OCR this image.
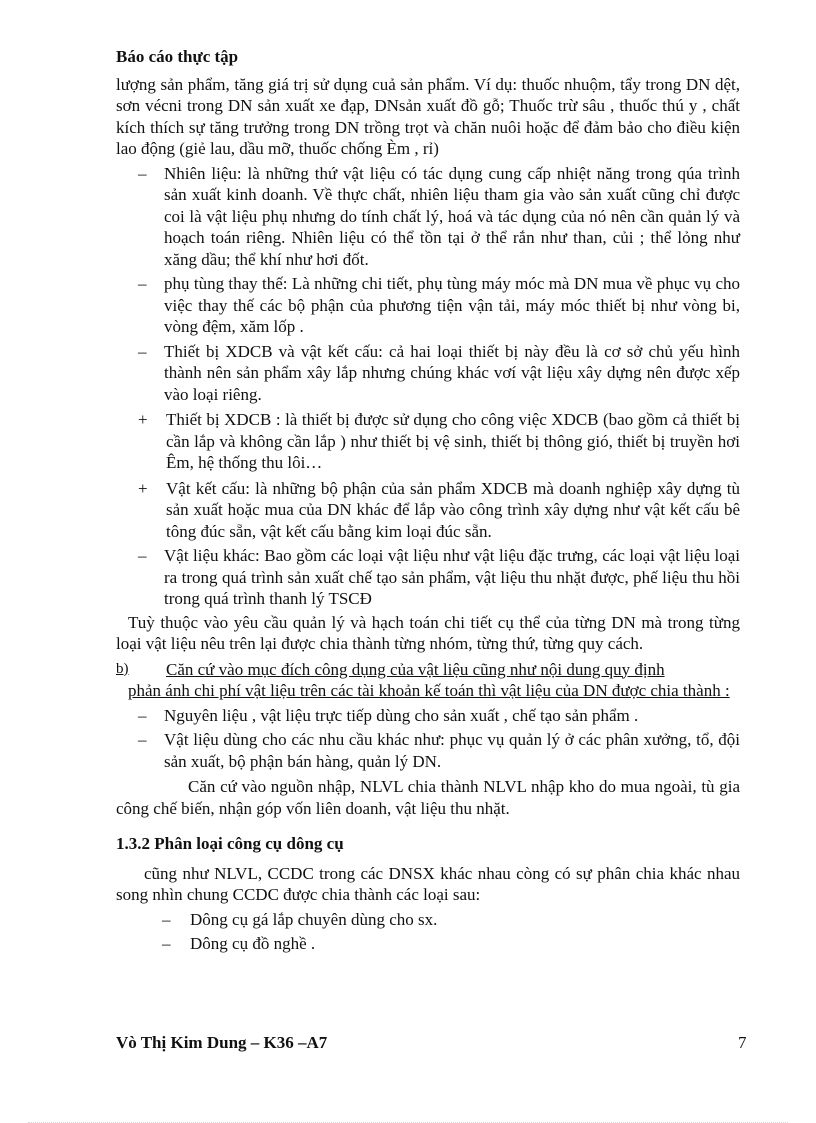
Báo cáo thực tập

lượng sản phẩm, tăng giá trị sử dụng cuả sản phẩm. Ví dụ: thuốc nhuộm, tẩy trong DN dệt, sơn vécni trong DN sản xuất xe đạp, DNsản xuất đồ gỗ; Thuốc trừ sâu , thuốc thú y , chất kích thích sự tăng trưởng trong DN trồng trọt và chăn nuôi hoặc để đảm bảo cho điều kiện lao động (giẻ lau, dầu mỡ, thuốc chống Èm , rỉ)

–	Nhiên liệu: là những thứ vật liệu có tác dụng cung cấp nhiệt năng trong qúa trình sản xuất kinh doanh. Về thực chất, nhiên liệu tham gia vào sản xuất cũng chỉ được coi là vật liệu phụ nhưng do tính chất lý, hoá và tác dụng của nó nên cần quản lý và hoạch toán riêng. Nhiên liệu có thể tồn tại ở thể rắn như than, củi ; thể lỏng như xăng dầu; thể khí như hơi đốt.
–	phụ tùng thay thế: Là những chi tiết, phụ tùng máy móc mà DN mua về phục vụ cho việc thay thế các bộ phận của phương tiện vận tải, máy móc thiết bị như vòng bi, vòng đệm, xăm lốp .
–	Thiết bị XDCB và vật kết cấu: cả hai loại thiết bị này đều là cơ sở chủ yếu hình thành nên sản phẩm xây lắp nhưng chúng khác vơí vật liệu xây dựng nên được xếp vào loại riêng.
+	Thiết bị XDCB : là thiết bị được sử dụng cho công việc XDCB (bao gồm cả thiết bị cần lắp và không cần lắp ) như thiết bị vệ sinh, thiết bị thông gió, thiết bị truyền hơi Êm, hệ thống thu lôi…
+	Vật kết cấu: là những bộ phận của sản phẩm XDCB mà doanh nghiệp xây dựng tù sản xuất hoặc mua của DN khác để lắp vào công trình xây dựng như vật kết cấu bê tông đúc sẵn, vật kết cấu bằng kim loại đúc sẵn.
–	Vật liệu khác: Bao gồm các loại vật liệu như vật liệu đặc trưng, các loại vật liệu loại ra trong quá trình sản xuất chế tạo sản phẩm, vật liệu thu nhặt được, phế liệu thu hồi trong quá trình thanh lý TSCĐ

Tuỳ thuộc vào yêu cầu quản lý và hạch toán chi tiết cụ thể của từng DN mà trong từng loại vật liệu nêu trên lại được chia thành từng nhóm, từng thứ, từng quy cách.

b)	Căn cứ vào mục đích công dụng của vật liệu cũng như nội dung quy định
phản ánh chi phí vật liệu trên các tài khoản kế toán thì vật liệu của DN được chia thành :
–	Nguyên liệu , vật liệu trực tiếp dùng cho sản xuất , chế tạo sản phẩm .
–	Vật liệu dùng cho các nhu cầu khác như: phục vụ quản lý ở các phân xưởng, tổ, đội sản xuất, bộ phận bán hàng, quản lý DN.

Căn cứ vào nguồn nhập, NLVL chia thành NLVL nhập kho do mua ngoài, tù gia công chế biến, nhận góp vốn liên doanh, vật liệu thu nhặt.

1.3.2 Phân loại công cụ dông cụ

cũng như NLVL, CCDC trong các DNSX khác nhau còng có sự phân chia khác nhau song nhìn chung CCDC được chia thành các loại sau:

–	Dông cụ gá lắp chuyên dùng cho sx.
–	Dông cụ đồ nghề .
Vò Thị Kim Dung – K36 –A7	7
